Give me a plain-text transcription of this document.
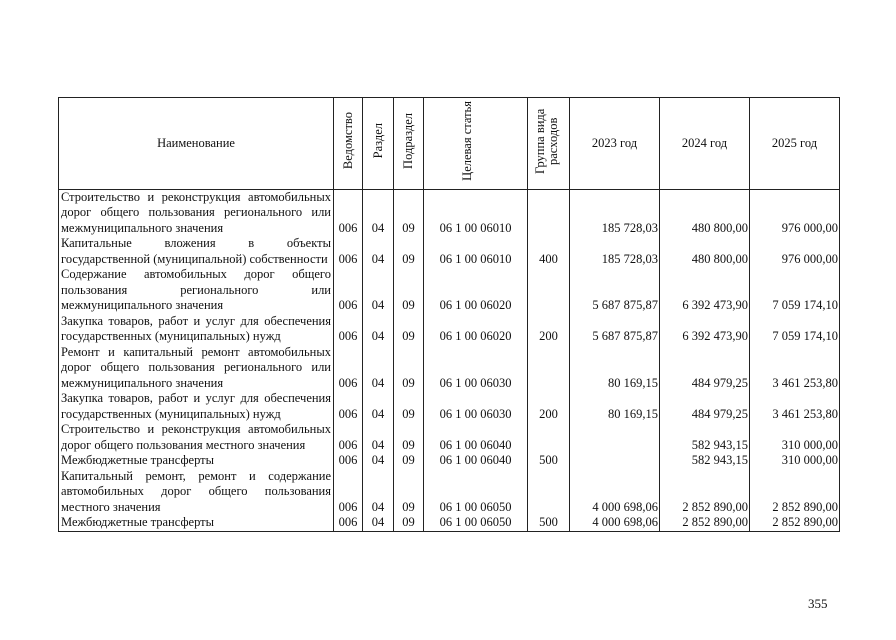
Наименование	Ведомство	Раздел	Подраздел	Целевая статья	Группа вида расходов	2023 год	2024 год	2025 год
Строительство и реконструкция автомобильных дорог общего пользования регионального или межмуниципального значения	006	04	09	06 1 00 06010		185 728,03	480 800,00	976 000,00
Капитальные вложения в объекты государственной (муниципальной) собственности	006	04	09	06 1 00 06010	400	185 728,03	480 800,00	976 000,00
Содержание автомобильных дорог общего пользования регионального или межмуниципального значения	006	04	09	06 1 00 06020		5 687 875,87	6 392 473,90	7 059 174,10
Закупка товаров, работ и услуг для обеспечения государственных (муниципальных) нужд	006	04	09	06 1 00 06020	200	5 687 875,87	6 392 473,90	7 059 174,10
Ремонт и капитальный ремонт автомобильных дорог общего пользования регионального или межмуниципального значения	006	04	09	06 1 00 06030		80 169,15	484 979,25	3 461 253,80
Закупка товаров, работ и услуг для обеспечения государственных (муниципальных) нужд	006	04	09	06 1 00 06030	200	80 169,15	484 979,25	3 461 253,80
Строительство и реконструкция автомобильных дорог общего пользования местного значения	006	04	09	06 1 00 06040			582 943,15	310 000,00
Межбюджетные трансферты	006	04	09	06 1 00 06040	500		582 943,15	310 000,00
Капитальный ремонт, ремонт и содержание автомобильных дорог общего пользования местного значения	006	04	09	06 1 00 06050		4 000 698,06	2 852 890,00	2 852 890,00
Межбюджетные трансферты	006	04	09	06 1 00 06050	500	4 000 698,06	2 852 890,00	2 852 890,00
355
